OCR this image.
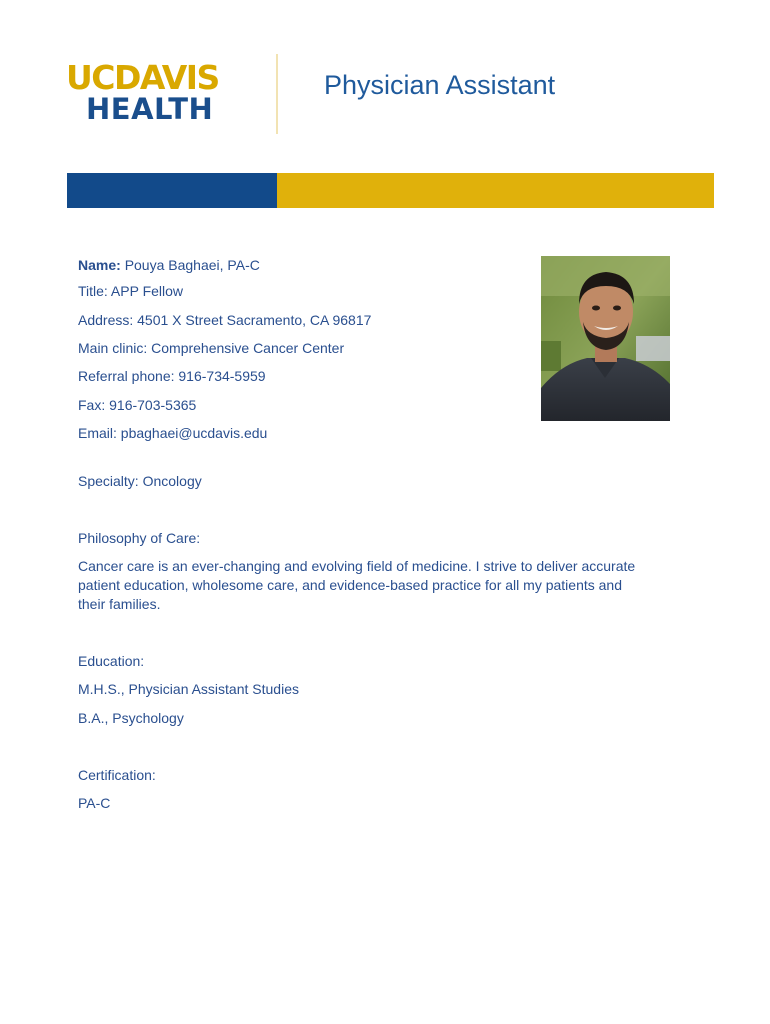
UCDAVIS
HEALTH
Physician Assistant
Name: Pouya Baghaei, PA-C
Title: APP Fellow
Address: 4501 X Street Sacramento, CA 96817
Main clinic: Comprehensive Cancer Center
Referral phone: 916-734-5959
Fax: 916-703-5365
Email: pbaghaei@ucdavis.edu
Specialty: Oncology
Philosophy of Care:
Cancer care is an ever-changing and evolving field of medicine. I strive to deliver accurate patient education, wholesome care, and evidence-based practice for all my patients and their families.
Education:
M.H.S., Physician Assistant Studies
B.A., Psychology
Certification:
PA-C
